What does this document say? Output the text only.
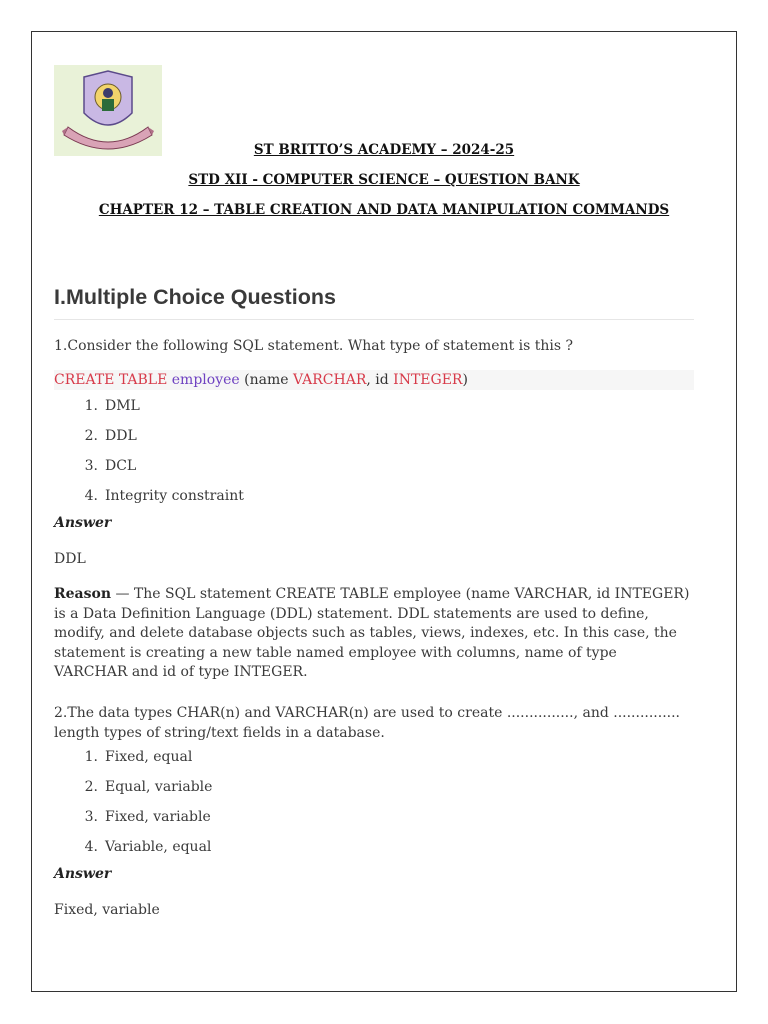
ST BRITTO’S ACADEMY – 2024-25
STD XII - COMPUTER SCIENCE – QUESTION BANK
CHAPTER 12 – TABLE CREATION AND DATA MANIPULATION COMMANDS
I.Multiple Choice Questions
1.Consider the following SQL statement. What type of statement is this ?
CREATE TABLE employee (name VARCHAR, id INTEGER)
1. DML
2. DDL
3. DCL
4. Integrity constraint
Answer
DDL
Reason — The SQL statement CREATE TABLE employee (name VARCHAR, id INTEGER) is a Data Definition Language (DDL) statement. DDL statements are used to define, modify, and delete database objects such as tables, views, indexes, etc. In this case, the statement is creating a new table named employee with columns, name of type VARCHAR and id of type INTEGER.
2.The data types CHAR(n) and VARCHAR(n) are used to create ..............., and ............... length types of string/text fields in a database.
1. Fixed, equal
2. Equal, variable
3. Fixed, variable
4. Variable, equal
Answer
Fixed, variable
